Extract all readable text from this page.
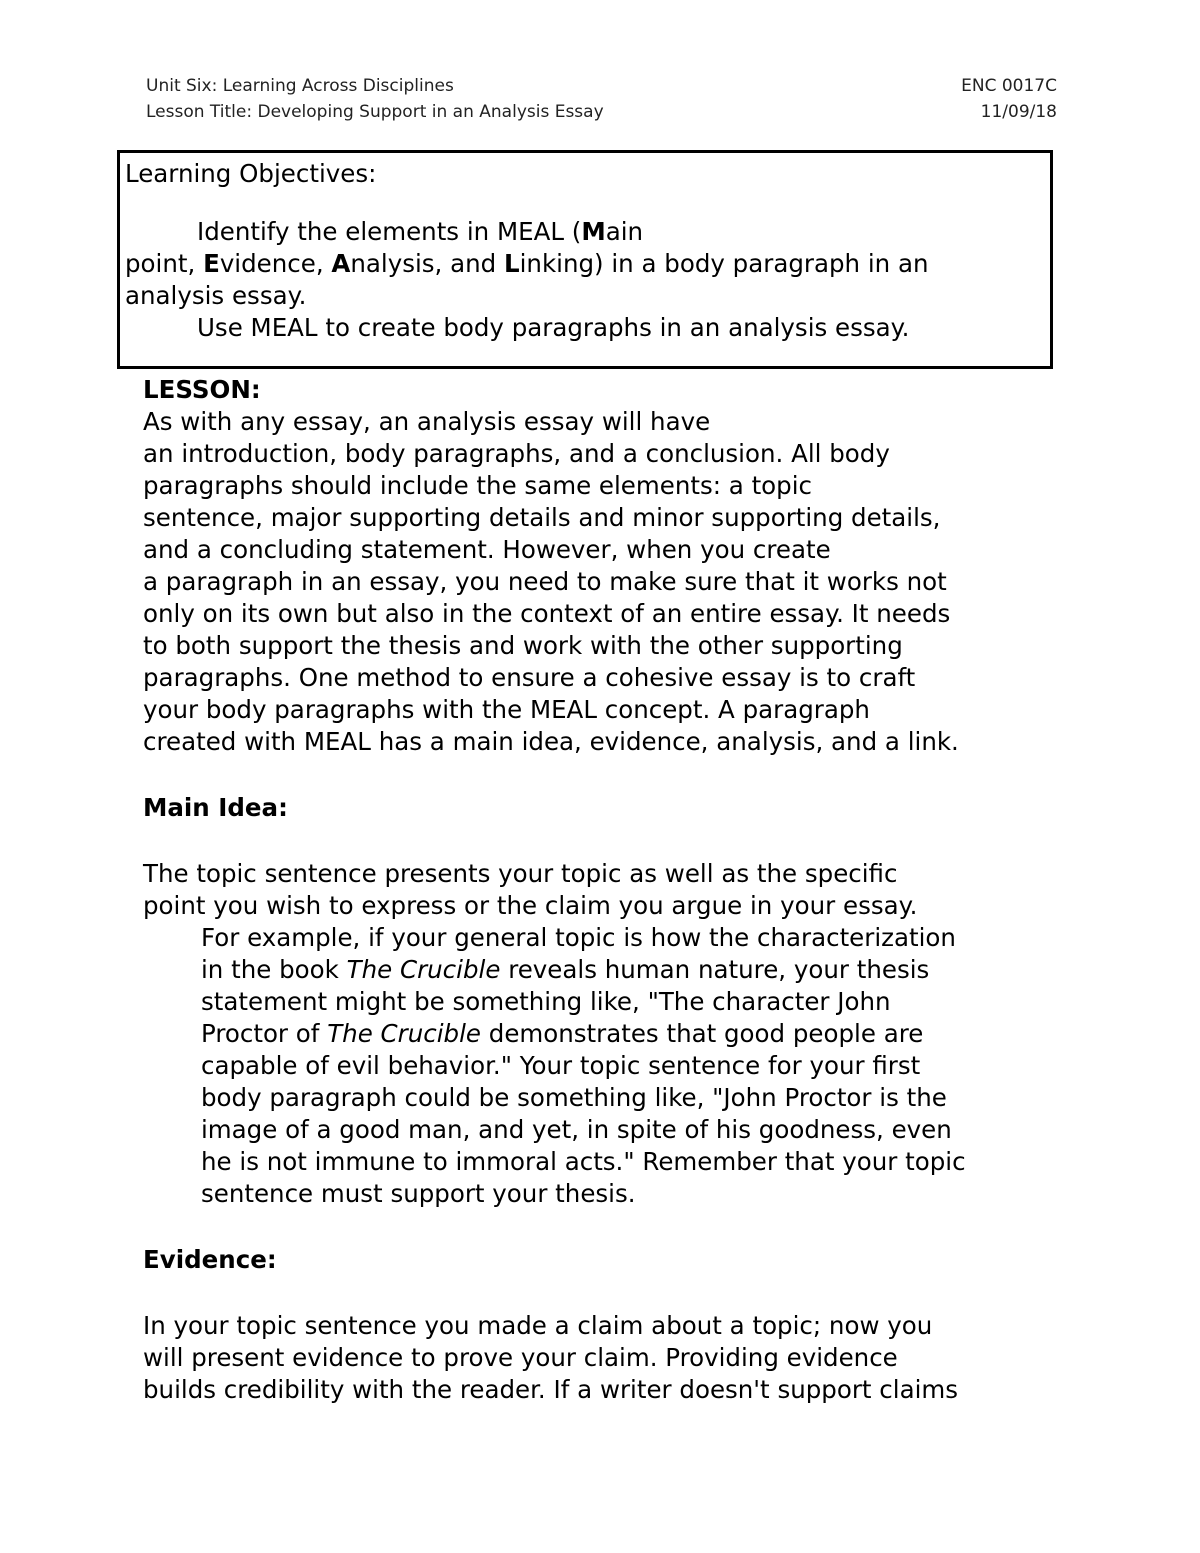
Unit Six: Learning Across Disciplines
Lesson Title: Developing Support in an Analysis Essay
ENC 0017C
11/09/18
Learning Objectives:
Identify the elements in MEAL (Main
point, Evidence, Analysis, and Linking) in a body paragraph in an
analysis essay.
Use MEAL to create body paragraphs in an analysis essay.
LESSON:
As with any essay, an analysis essay will have
an introduction, body paragraphs, and a conclusion. All body
paragraphs should include the same elements: a topic
sentence, major supporting details and minor supporting details,
and a concluding statement. However, when you create
a paragraph in an essay, you need to make sure that it works not
only on its own but also in the context of an entire essay. It needs
to both support the thesis and work with the other supporting
paragraphs. One method to ensure a cohesive essay is to craft
your body paragraphs with the MEAL concept. A paragraph
created with MEAL has a main idea, evidence, analysis, and a link.
Main Idea:
The topic sentence presents your topic as well as the specific
point you wish to express or the claim you argue in your essay.
For example, if your general topic is how the characterization
in the book The Crucible reveals human nature, your thesis
statement might be something like, "The character John
Proctor of The Crucible demonstrates that good people are
capable of evil behavior." Your topic sentence for your first
body paragraph could be something like, "John Proctor is the
image of a good man, and yet, in spite of his goodness, even
he is not immune to immoral acts." Remember that your topic
sentence must support your thesis.
Evidence:
In your topic sentence you made a claim about a topic; now you
will present evidence to prove your claim. Providing evidence
builds credibility with the reader. If a writer doesn't support claims
